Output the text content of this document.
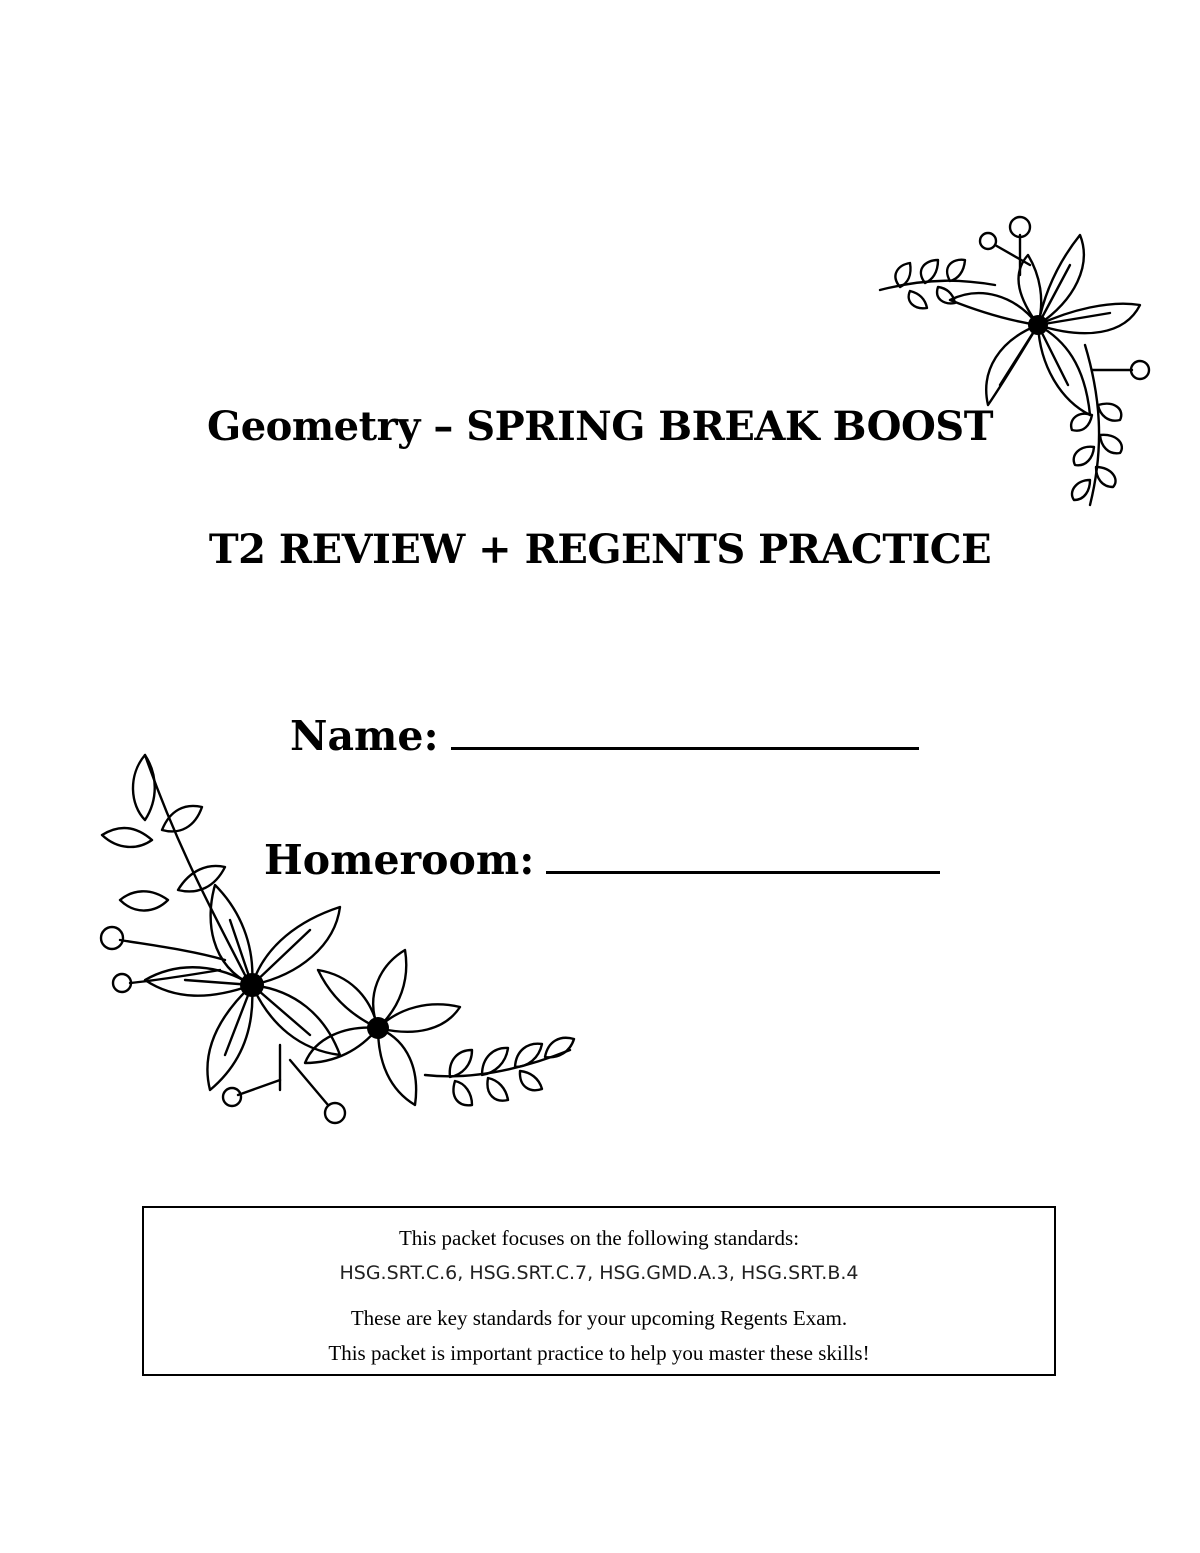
Geometry – SPRING BREAK BOOST
T2 REVIEW + REGENTS PRACTICE
Name:
Homeroom:
This packet focuses on the following standards:
HSG.SRT.C.6, HSG.SRT.C.7, HSG.GMD.A.3, HSG.SRT.B.4
These are key standards for your upcoming Regents Exam.
This packet is important practice to help you master these skills!
